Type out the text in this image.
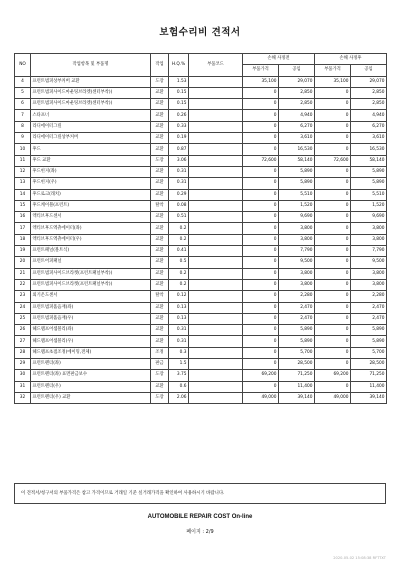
보험수리비 견적서
NO	작업항목 및 부품명	작업	H.Q.%	부품코드	손해 사정전		손해 사정후	
					부품가격	공임	부품가격	공임
4	프런트범퍼상부커버 교환	도장	1.53		35,100	29,070	35,100	29,070
5	프런트범퍼사이드마운팅브라켓(센터부착)(	교환	0.15		0	2,850	0	2,850
6	프런트범퍼사이드마운팅브라켓(센터부착)(	교환	0.15		0	2,850	0	2,850
7	스타프너	교환	0.26		0	4,940	0	4,940
8	라디에이터그릴	교환	0.33		0	6,270	0	6,270
9	라디에이터그릴상부커버	교환	0.19		0	3,610	0	3,610
10	후드	교환	0.87		0	16,530	0	16,530
11	후드 교환	도장	3.06		72,600	58,140	72,600	58,140
12	후드힌지(좌)	교환	0.31		0	5,890	0	5,890
13	후드힌지(우)	교환	0.31		0	5,890	0	5,890
14	후드로크(래치)	교환	0.29		0	5,510	0	5,510
15	후드케이블(프런트)	탈착	0.08		0	1,520	0	1,520
16	엑티브후드센서	교환	0.51		0	9,690	0	9,690
17	엑티브후드엑츄에이터(좌)	교환	0.2		0	3,800	0	3,800
18	엑티브후드엑츄에이터(우)	교환	0.2		0	3,800	0	3,800
19	프런트패널(볼트식)	교환	0.41		0	7,790	0	7,790
20	프런트어퍼패널	교환	0.5		0	9,500	0	9,500
21	프런트범퍼사이드브라켓(프런트패널부착)(	교환	0.2		0	3,800	0	3,800
22	프런트범퍼사이드브라켓(프런트패널부착)(	교환	0.2		0	3,800	0	3,800
23	외기온도센서	탈착	0.12		0	2,280	0	2,280
24	프런트범퍼흡음재(좌)	교환	0.13		0	2,470	0	2,470
25	프런트범퍼흡음재(우)	교환	0.13		0	2,470	0	2,470
26	헤드램프어셈블리(좌)	교환	0.31		0	5,890	0	5,890
27	헤드램프어셈블리(우)	교환	0.31		0	5,890	0	5,890
28	헤드램프초점조정(에이밍,전체)	조정	0.3		0	5,700	0	5,700
29	프런트펜더(좌)	판금	1.5		0	28,500	0	28,500
30	프런트펜더(좌) 표면판금보수	도장	3.75		69,200	71,250	69,200	71,250
31	프런트펜더(우)	교환	0.6		0	11,400	0	11,400
32	프런트펜더(우) 교환	도장	2.06		49,000	39,140	49,000	39,140
이 견적서/청구서의 부품가격은 참고 가격이므로 거래일 기준 실거래가격을 확인하여 사용하시기 바랍니다.
AUTOMOBILE REPAIR COST On-line
페이지 : 2/9
2020-05-02 15:08:38 RFTTXT
